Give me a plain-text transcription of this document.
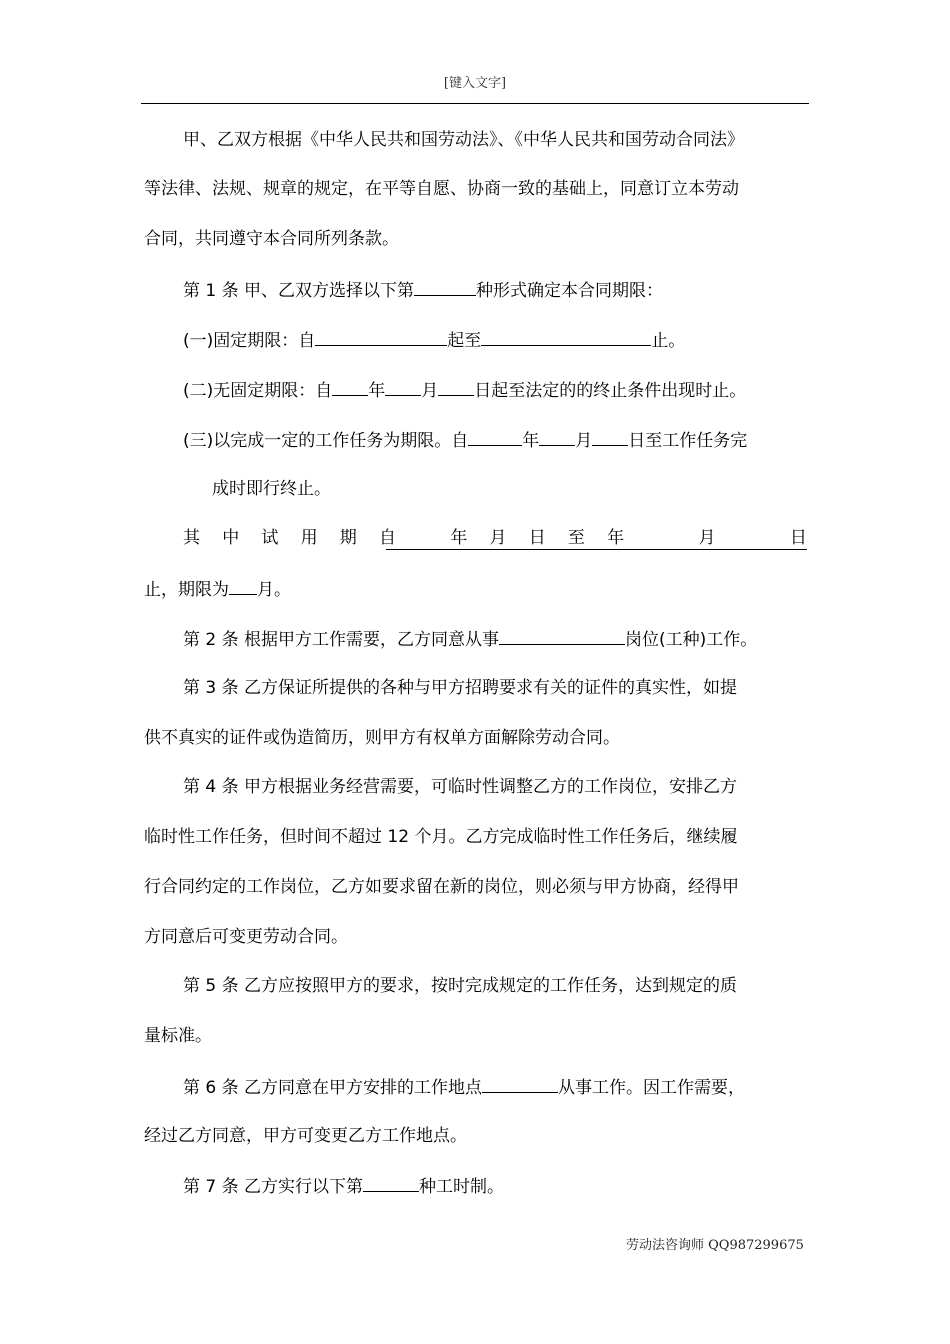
[键入文字]
甲、乙双方根据《中华人民共和国劳动法》、《中华人民共和国劳动合同法》
等法律、法规、规章的规定，在平等自愿、协商一致的基础上，同意订立本劳动
合同，共同遵守本合同所列条款。
第 1 条 甲、乙双方选择以下第	种形式确定本合同期限：
(一)固定期限：自	起至	止。
(二)无固定期限：自 年 月 日起至法定的的终止条件出现时止。
(三)以完成一定的工作任务为期限。自	年 月 日至工作任务完
成时即行终止。
其 中 试 用 期 自	年 月 日 至 年	月	日
止，期限为 月。
第 2 条 根据甲方工作需要，乙方同意从事	岗位(工种)工作。
第 3 条 乙方保证所提供的各种与甲方招聘要求有关的证件的真实性，如提
供不真实的证件或伪造简历，则甲方有权单方面解除劳动合同。
第 4 条 甲方根据业务经营需要，可临时性调整乙方的工作岗位，安排乙方
临时性工作任务，但时间不超过 12 个月。乙方完成临时性工作任务后，继续履
行合同约定的工作岗位，乙方如要求留在新的岗位，则必须与甲方协商，经得甲
方同意后可变更劳动合同。
第 5 条 乙方应按照甲方的要求，按时完成规定的工作任务，达到规定的质
量标准。
第 6 条 乙方同意在甲方安排的工作地点	从事工作。因工作需要，
经过乙方同意，甲方可变更乙方工作地点。
第 7 条 乙方实行以下第	种工时制。
劳动法咨询师 QQ987299675
